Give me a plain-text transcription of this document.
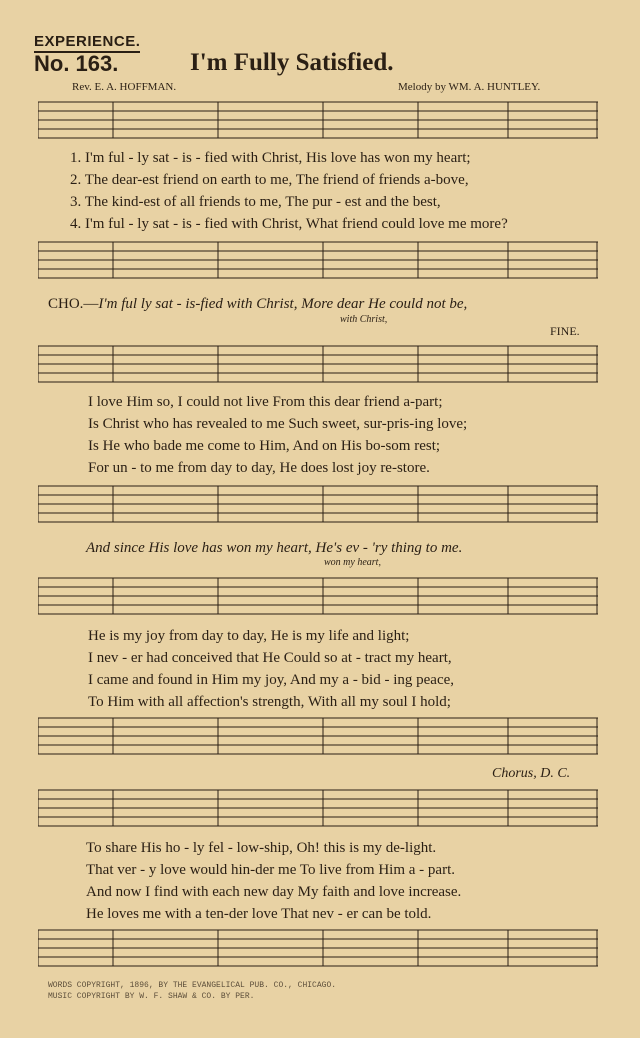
EXPERIENCE.
No. 163.	I'm Fully Satisfied.
Rev. E. A. HOFFMAN.	Melody by WM. A. HUNTLEY.
1. I'm ful - ly sat - is - fied with Christ, His love has won my heart;
2. The dear-est friend on earth to me, The friend of friends a-bove,
3. The kind-est of all friends to me, The pur - est and the best,
4. I'm ful - ly sat - is - fied with Christ, What friend could love me more?
CHO.—I'm ful ly sat - is-fied with Christ, More dear He could not be,
with Christ,
FINE.
I love Him so, I could not live From this dear friend a-part;
Is Christ who has revealed to me Such sweet, sur-pris-ing love;
Is He who bade me come to Him, And on His bo-som rest;
For un - to me from day to day, He does lost joy re-store.
And since His love has won my heart, He's ev - 'ry thing to me.
won my heart,
He is my joy from day to day, He is my life and light;
I nev - er had conceived that He Could so at - tract my heart,
I came and found in Him my joy, And my a - bid - ing peace,
To Him with all affection's strength, With all my soul I hold;
Chorus, D. C.
To share His ho - ly fel - low-ship, Oh! this is my de-light.
That ver - y love would hin-der me To live from Him a - part.
And now I find with each new day My faith and love increase.
He loves me with a ten-der love That nev - er can be told.
WORDS COPYRIGHT, 1896, BY THE EVANGELICAL PUB. CO., CHICAGO.
MUSIC COPYRIGHT BY W. F. SHAW & CO. BY PER.
